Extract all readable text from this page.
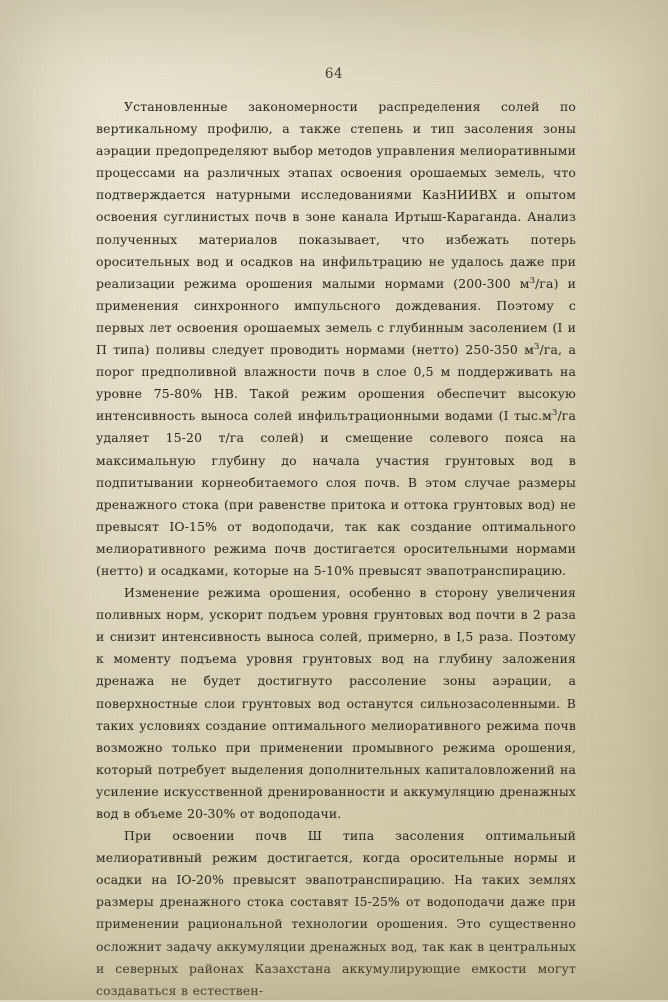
64

Установленные закономерности распределения солей по вертикальному профилю, а также степень и тип засоления зоны аэрации предопределяют выбор методов управления мелиоративными процессами на различных этапах освоения орошаемых земель, что подтверждается натурными исследованиями КазНИИВХ и опытом освоения суглинистых почв в зоне канала Иртыш-Караганда. Анализ полученных материалов показывает, что избежать потерь оросительных вод и осадков на инфильтрацию не удалось даже при реализации режима орошения малыми нормами (200-300 $м^3/га$) и применения синхронного импульсного дождевания. Поэтому с первых лет освоения орошаемых земель с глубинным засолением (I и П типа) поливы следует проводить нормами (нетто) 250-350 $м^3/га$, а порог предполивной влажности почв в слое 0,5 м поддерживать на уровне 75-80% НВ. Такой режим орошения обеспечит высокую интенсивность выноса солей инфильтрационными водами (I $тыс.м^3/га$ удаляет 15-20 т/га солей) и смещение солевого пояса на максимальную глубину до начала участия грунтовых вод в подпитывании корнеобитаемого слоя почв. В этом случае размеры дренажного стока (при равенстве притока и оттока грунтовых вод) не превысят IО-15% от водоподачи, так как создание оптимального мелиоративного режима почв достигается оросительными нормами (нетто) и осадками, которые на 5-10% превысят эвапотранспирацию.

Изменение режима орошения, особенно в сторону увеличения поливных норм, ускорит подъем уровня грунтовых вод почти в 2 раза и снизит интенсивность выноса солей, примерно, в I,5 раза. Поэтому к моменту подъема уровня грунтовых вод на глубину заложения дренажа не будет достигнуто рассоление зоны аэрации, а поверхностные слои грунтовых вод останутся сильнозасоленными. В таких условиях создание оптимального мелиоративного режима почв возможно только при применении промывного режима орошения, который потребует выделения дополнительных капиталовложений на усиление искусственной дренированности и аккумуляцию дренажных вод в объеме 20-30% от водоподачи.

При освоении почв Ш типа засоления оптимальный мелиоративный режим достигается, когда оросительные нормы и осадки на IО-20% превысят эвапотранспирацию. На таких землях размеры дренажного стока составят I5-25% от водоподачи даже при применении рациональной технологии орошения. Это существенно осложнит задачу аккумуляции дренажных вод, так как в центральных и северных районах Казахстана аккумулирующие емкости могут создаваться в естествен-
